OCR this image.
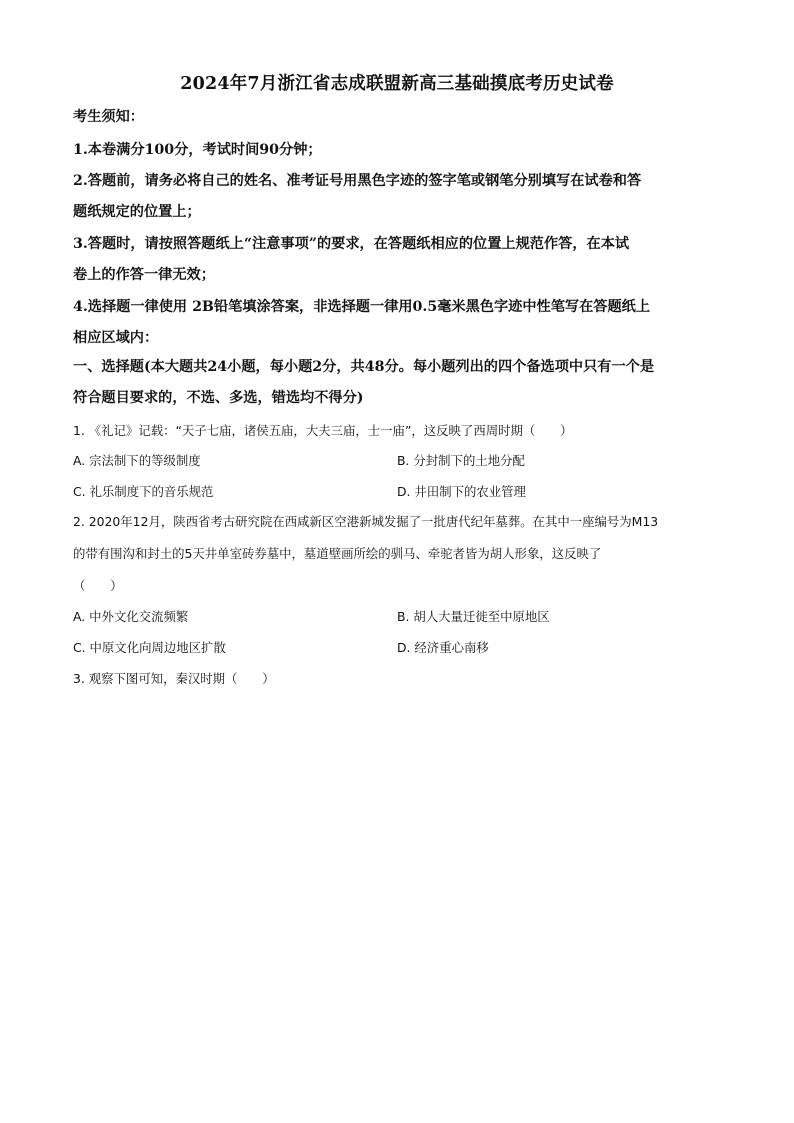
2024年7月浙江省志成联盟新高三基础摸底考历史试卷
考生须知：
1.本卷满分100分，考试时间90分钟；
2.答题前，请务必将自己的姓名、准考证号用黑色字迹的签字笔或钢笔分别填写在试卷和答
题纸规定的位置上；
3.答题时，请按照答题纸上“注意事项”的要求，在答题纸相应的位置上规范作答，在本试
卷上的作答一律无效；
4.选择题一律使用 2B铅笔填涂答案，非选择题一律用0.5毫米黑色字迹中性笔写在答题纸上
相应区域内：
一、选择题(本大题共24小题，每小题2分，共48分。每小题列出的四个备选项中只有一个是
符合题目要求的，不选、多选，错选均不得分)
1. 《礼记》记载：“天子七庙，诸侯五庙，大夫三庙，士一庙”，这反映了西周时期（　　）
A. 宗法制下的等级制度	B. 分封制下的土地分配
C. 礼乐制度下的音乐规范	D. 井田制下的农业管理
2. 2020年12月，陕西省考古研究院在西咸新区空港新城发掘了一批唐代纪年墓葬。在其中一座编号为M13
的带有围沟和封土的5天井单室砖券墓中，墓道壁画所绘的驯马、牵驼者皆为胡人形象，这反映了
（　　）
A. 中外文化交流频繁	B. 胡人大量迁徙至中原地区
C. 中原文化向周边地区扩散	D. 经济重心南移
3. 观察下图可知，秦汉时期（　　）
